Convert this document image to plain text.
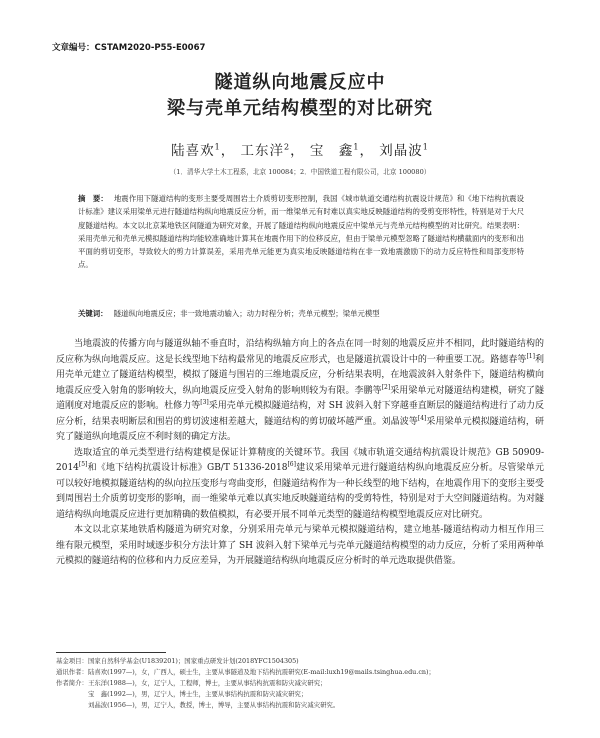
文章编号：CSTAM2020-P55-E0067
隧道纵向地震反应中
梁与壳单元结构模型的对比研究
陆喜欢$^1$， 工东洋$^2$， 宝　鑫$^1$， 刘晶波$^1$
（1．清华大学土木工程系，北京 100084；2．中国铁道工程有限公司，北京 100080）
摘　要： 地震作用下隧道结构的变形主要受周围岩土介质剪切变形控制，我国《城市轨道交通结构抗震设计规范》和《地下结构抗震设计标准》建议采用梁单元进行隧道结构纵向地震反应分析，而一维梁单元有时难以真实地反映隧道结构的受剪变形特性，特别是对于大尺度隧道结构。本文以北京某地铁区间隧道为研究对象，开展了隧道结构纵向地震反应中梁单元与壳单元结构模型的对比研究。结果表明：采用壳单元和壳单元模拟隧道结构均能较准确地计算其在地震作用下的位移反应，但由于梁单元模型忽略了隧道结构横截面内的变形和出平面的剪切变形，导致较大的剪力计算误差，采用壳单元能更为真实地反映隧道结构在非一致地震激励下的动力反应特性和局部变形特点。
关键词： 隧道纵向地震反应；非一致地震动输入；动力时程分析；壳单元模型；梁单元模型

当地震波的传播方向与隧道纵轴不垂直时，沿结构纵轴方向上的各点在同一时刻的地震反应并不相同，此时隧道结构的反应称为纵向地震反应。这是长线型地下结构最常见的地震反应形式，也是隧道抗震设计中的一种重要工况。路德春等[1]利用壳单元建立了隧道结构模型，模拟了隧道与围岩的三维地震反应，分析结果表明，在地震波斜入射条件下，隧道结构横向地震反应受入射角的影响较大，纵向地震反应受入射角的影响则较为有限。李鹏等[2]采用梁单元对隧道结构建模，研究了隧道刚度对地震反应的影响。杜修力等[3]采用壳单元模拟隧道结构，对 SH 波斜入射下穿越垂直断层的隧道结构进行了动力反应分析，结果表明断层和围岩的剪切波速相差越大，隧道结构的剪切破坏越严重。刘晶波等[4]采用梁单元模拟隧道结构，研究了隧道纵向地震反应不利时刻的确定方法。

选取适宜的单元类型进行结构建模是保证计算精度的关键环节。我国《城市轨道交通结构抗震设计规范》GB 50909-2014[5]和《地下结构抗震设计标准》GB/T 51336-2018[6]建议采用梁单元进行隧道结构纵向地震反应分析。尽管梁单元可以较好地模拟隧道结构的纵向拉压变形与弯曲变形，但隧道结构作为一种长线型的地下结构，在地震作用下的变形主要受到周围岩土介质剪切变形的影响，而一维梁单元难以真实地反映隧道结构的受剪特性，特别是对于大空间隧道结构。为对隧道结构纵向地震反应进行更加精确的数值模拟，有必要开展不同单元类型的隧道结构模型地震反应对比研究。

本文以北京某地铁盾构隧道为研究对象，分别采用壳单元与梁单元模拟隧道结构，建立地基-隧道结构动力相互作用三维有限元模型，采用时域逐步积分方法计算了 SH 波斜入射下梁单元与壳单元隧道结构模型的动力反应，分析了采用两种单元模拟的隧道结构的位移和内力反应差异，为开展隧道结构纵向地震反应分析时的单元选取提供借鉴。

基金项目：国家自然科学基金(U1839201)；国家重点研发计划(2018YFC1504305)
通讯作者：陆喜欢(1997—)，女，广西人，硕士生，主要从事隧道及地下结构抗震研究(E-mail:luxh19@mails.tsinghua.edu.cn)；
作者简介：王东洋(1988—)，女，辽宁人，工程师，博士，主要从事结构抗震和防灾减灾研究；
　　　　　宝　鑫(1992—)，男，辽宁人，博士生，主要从事结构抗震和防灾减灾研究；
　　　　　刘晶波(1956—)，男，辽宁人，教授，博士，博导，主要从事结构抗震和防灾减灾研究。
